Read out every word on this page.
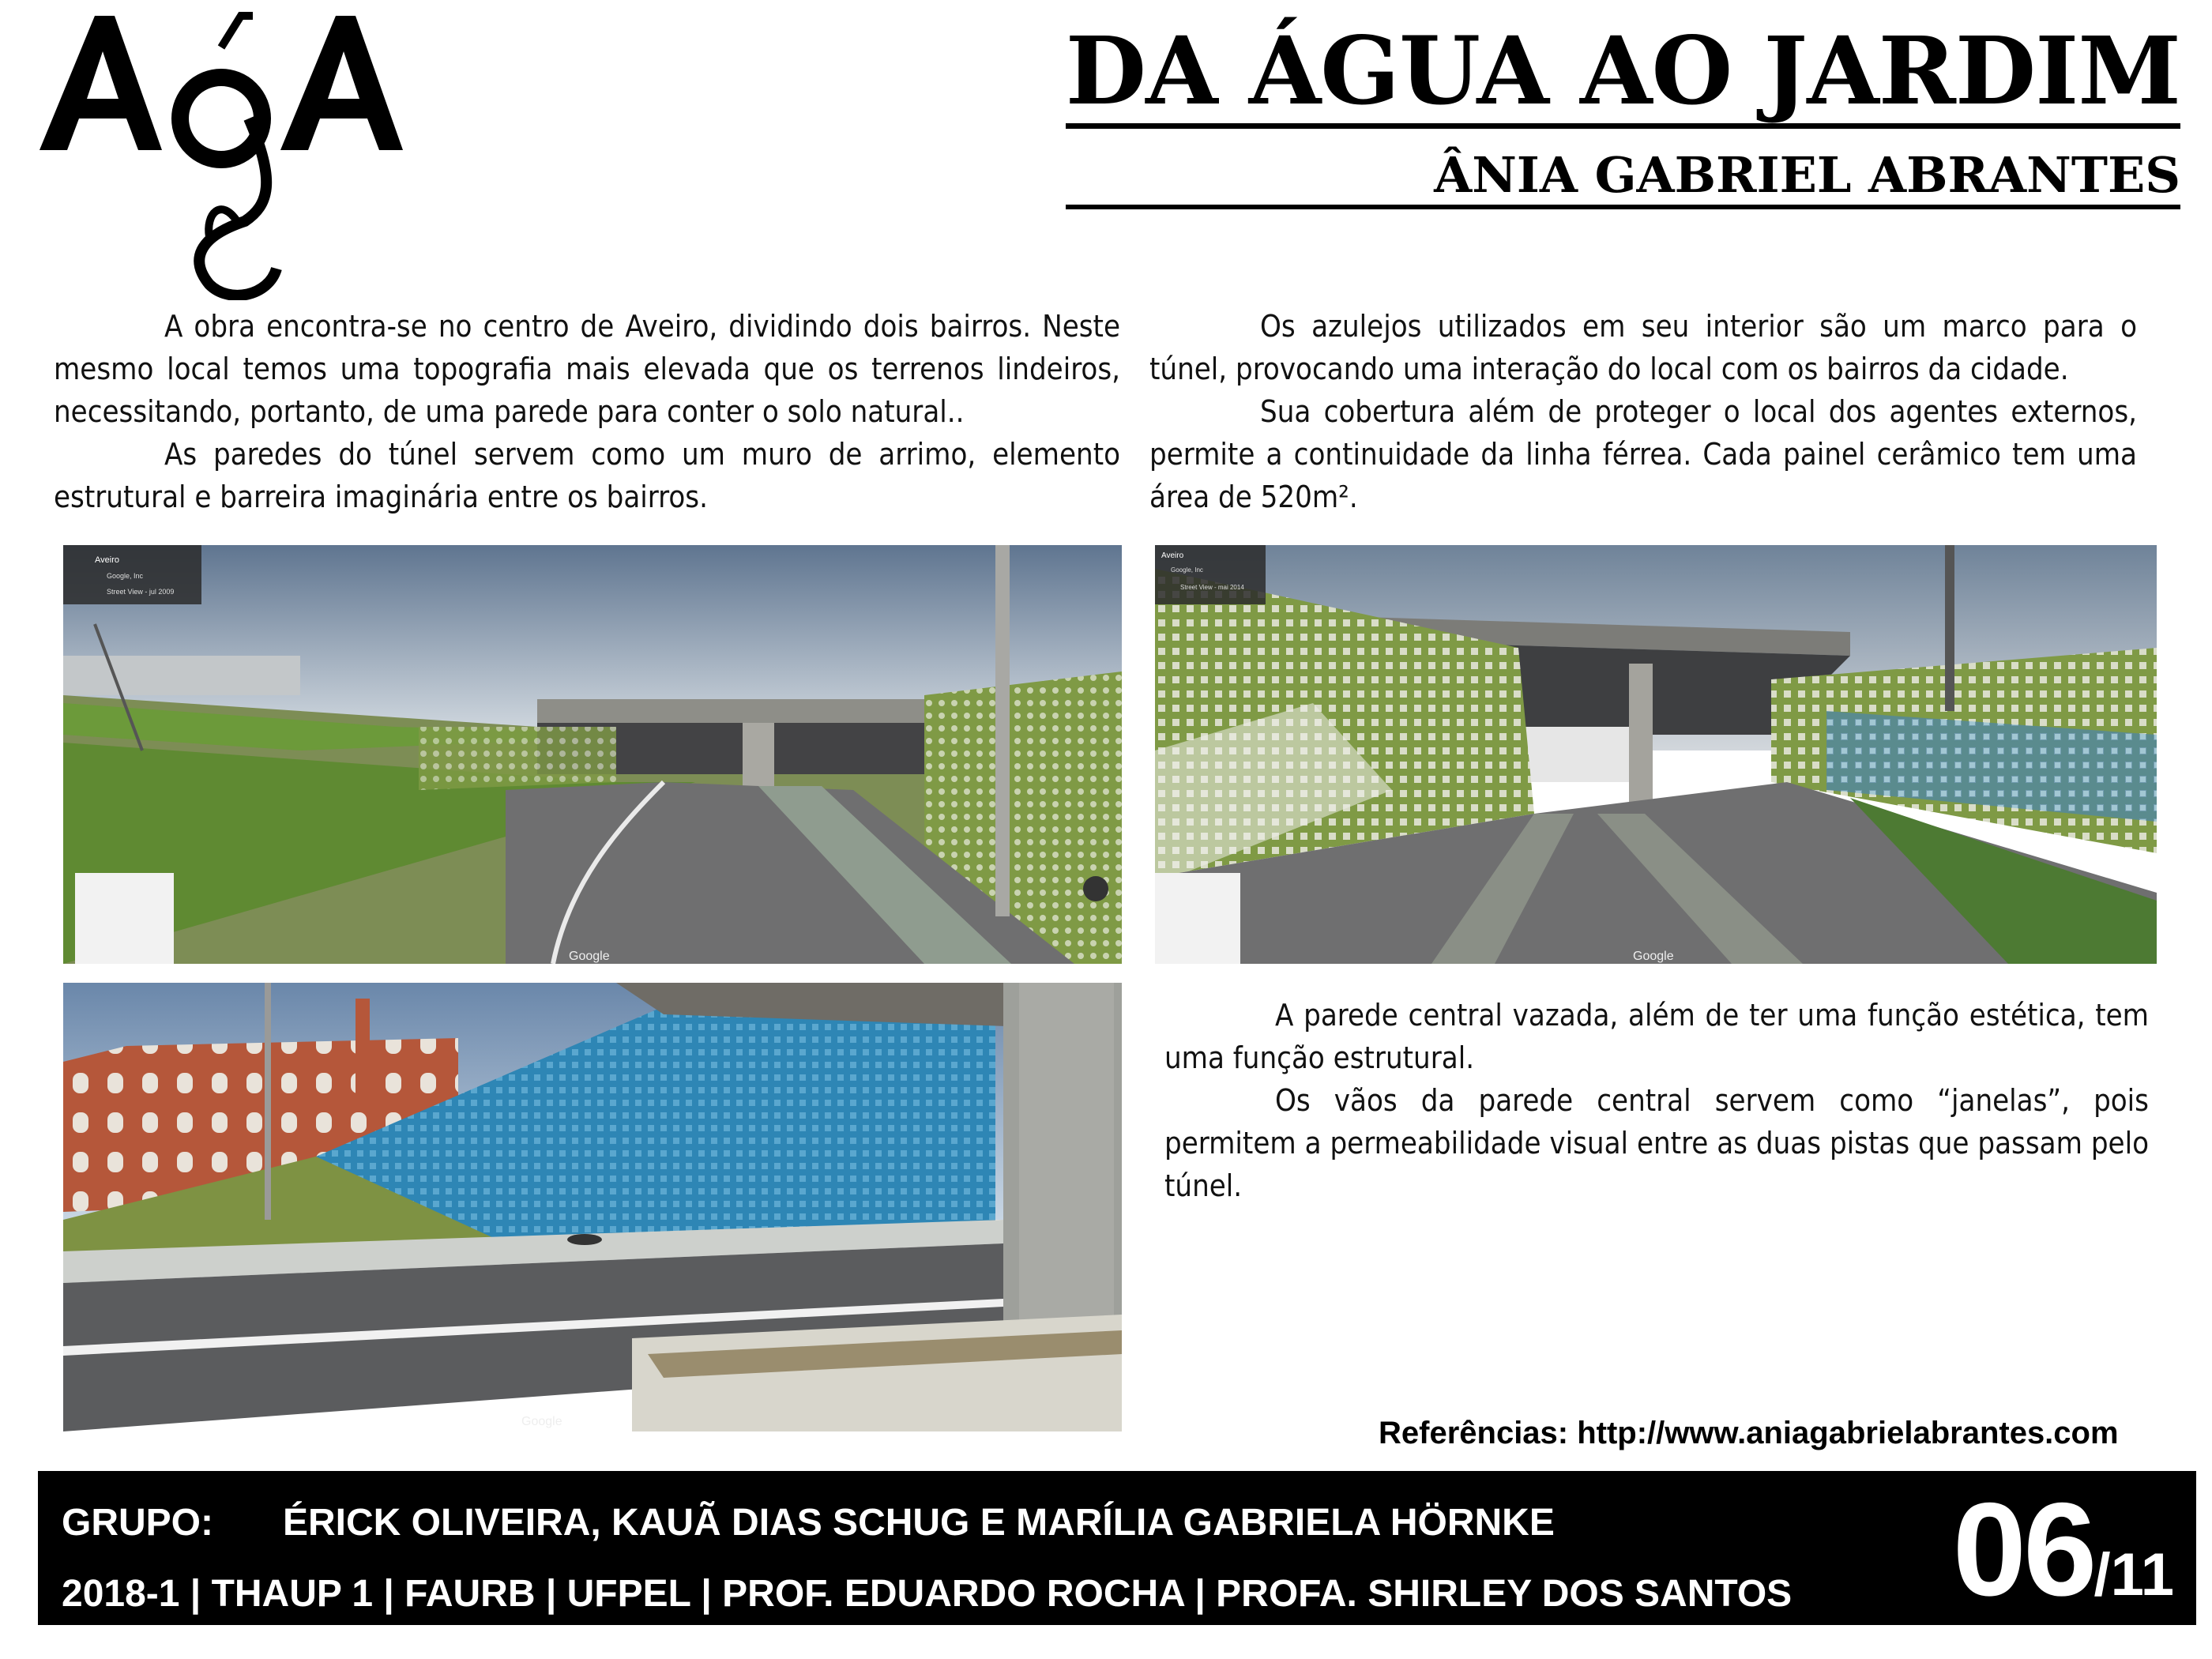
DA ÁGUA AO JARDIM
ÂNIA GABRIEL ABRANTES

A obra encontra-se no centro de Aveiro, dividindo dois bairros. Neste mesmo local temos uma topografia mais elevada que os terrenos lindeiros, necessitando, portanto, de uma parede para conter o solo natural..

As paredes do túnel servem como um muro de arrimo, elemento estrutural e barreira imaginária entre os bairros.

Os azulejos utilizados em seu interior são um marco para o túnel, provocando uma interação do local com os bairros da cidade.

Sua cobertura além de proteger o local dos agentes externos, permite a continuidade da linha férrea. Cada painel cerâmico tem uma área de 520m².

Aveiro
Google, Inc
Street View - jul 2009
Google
Aveiro
Google, Inc
Street View - mai 2014
Google
Google

A parede central vazada, além de ter uma função estética, tem uma função estrutural.

Os vãos da parede central servem como “janelas”, pois permitem a permeabilidade visual entre as duas pistas que passam pelo túnel.

Referências: http://www.aniagabrielabrantes.com
GRUPO: ÉRICK OLIVEIRA, KAUÃ DIAS SCHUG E MARÍLIA GABRIELA HÖRNKE
2018-1 | THAUP 1 | FAURB | UFPEL | PROF. EDUARDO ROCHA | PROFA. SHIRLEY DOS SANTOS 06/11
